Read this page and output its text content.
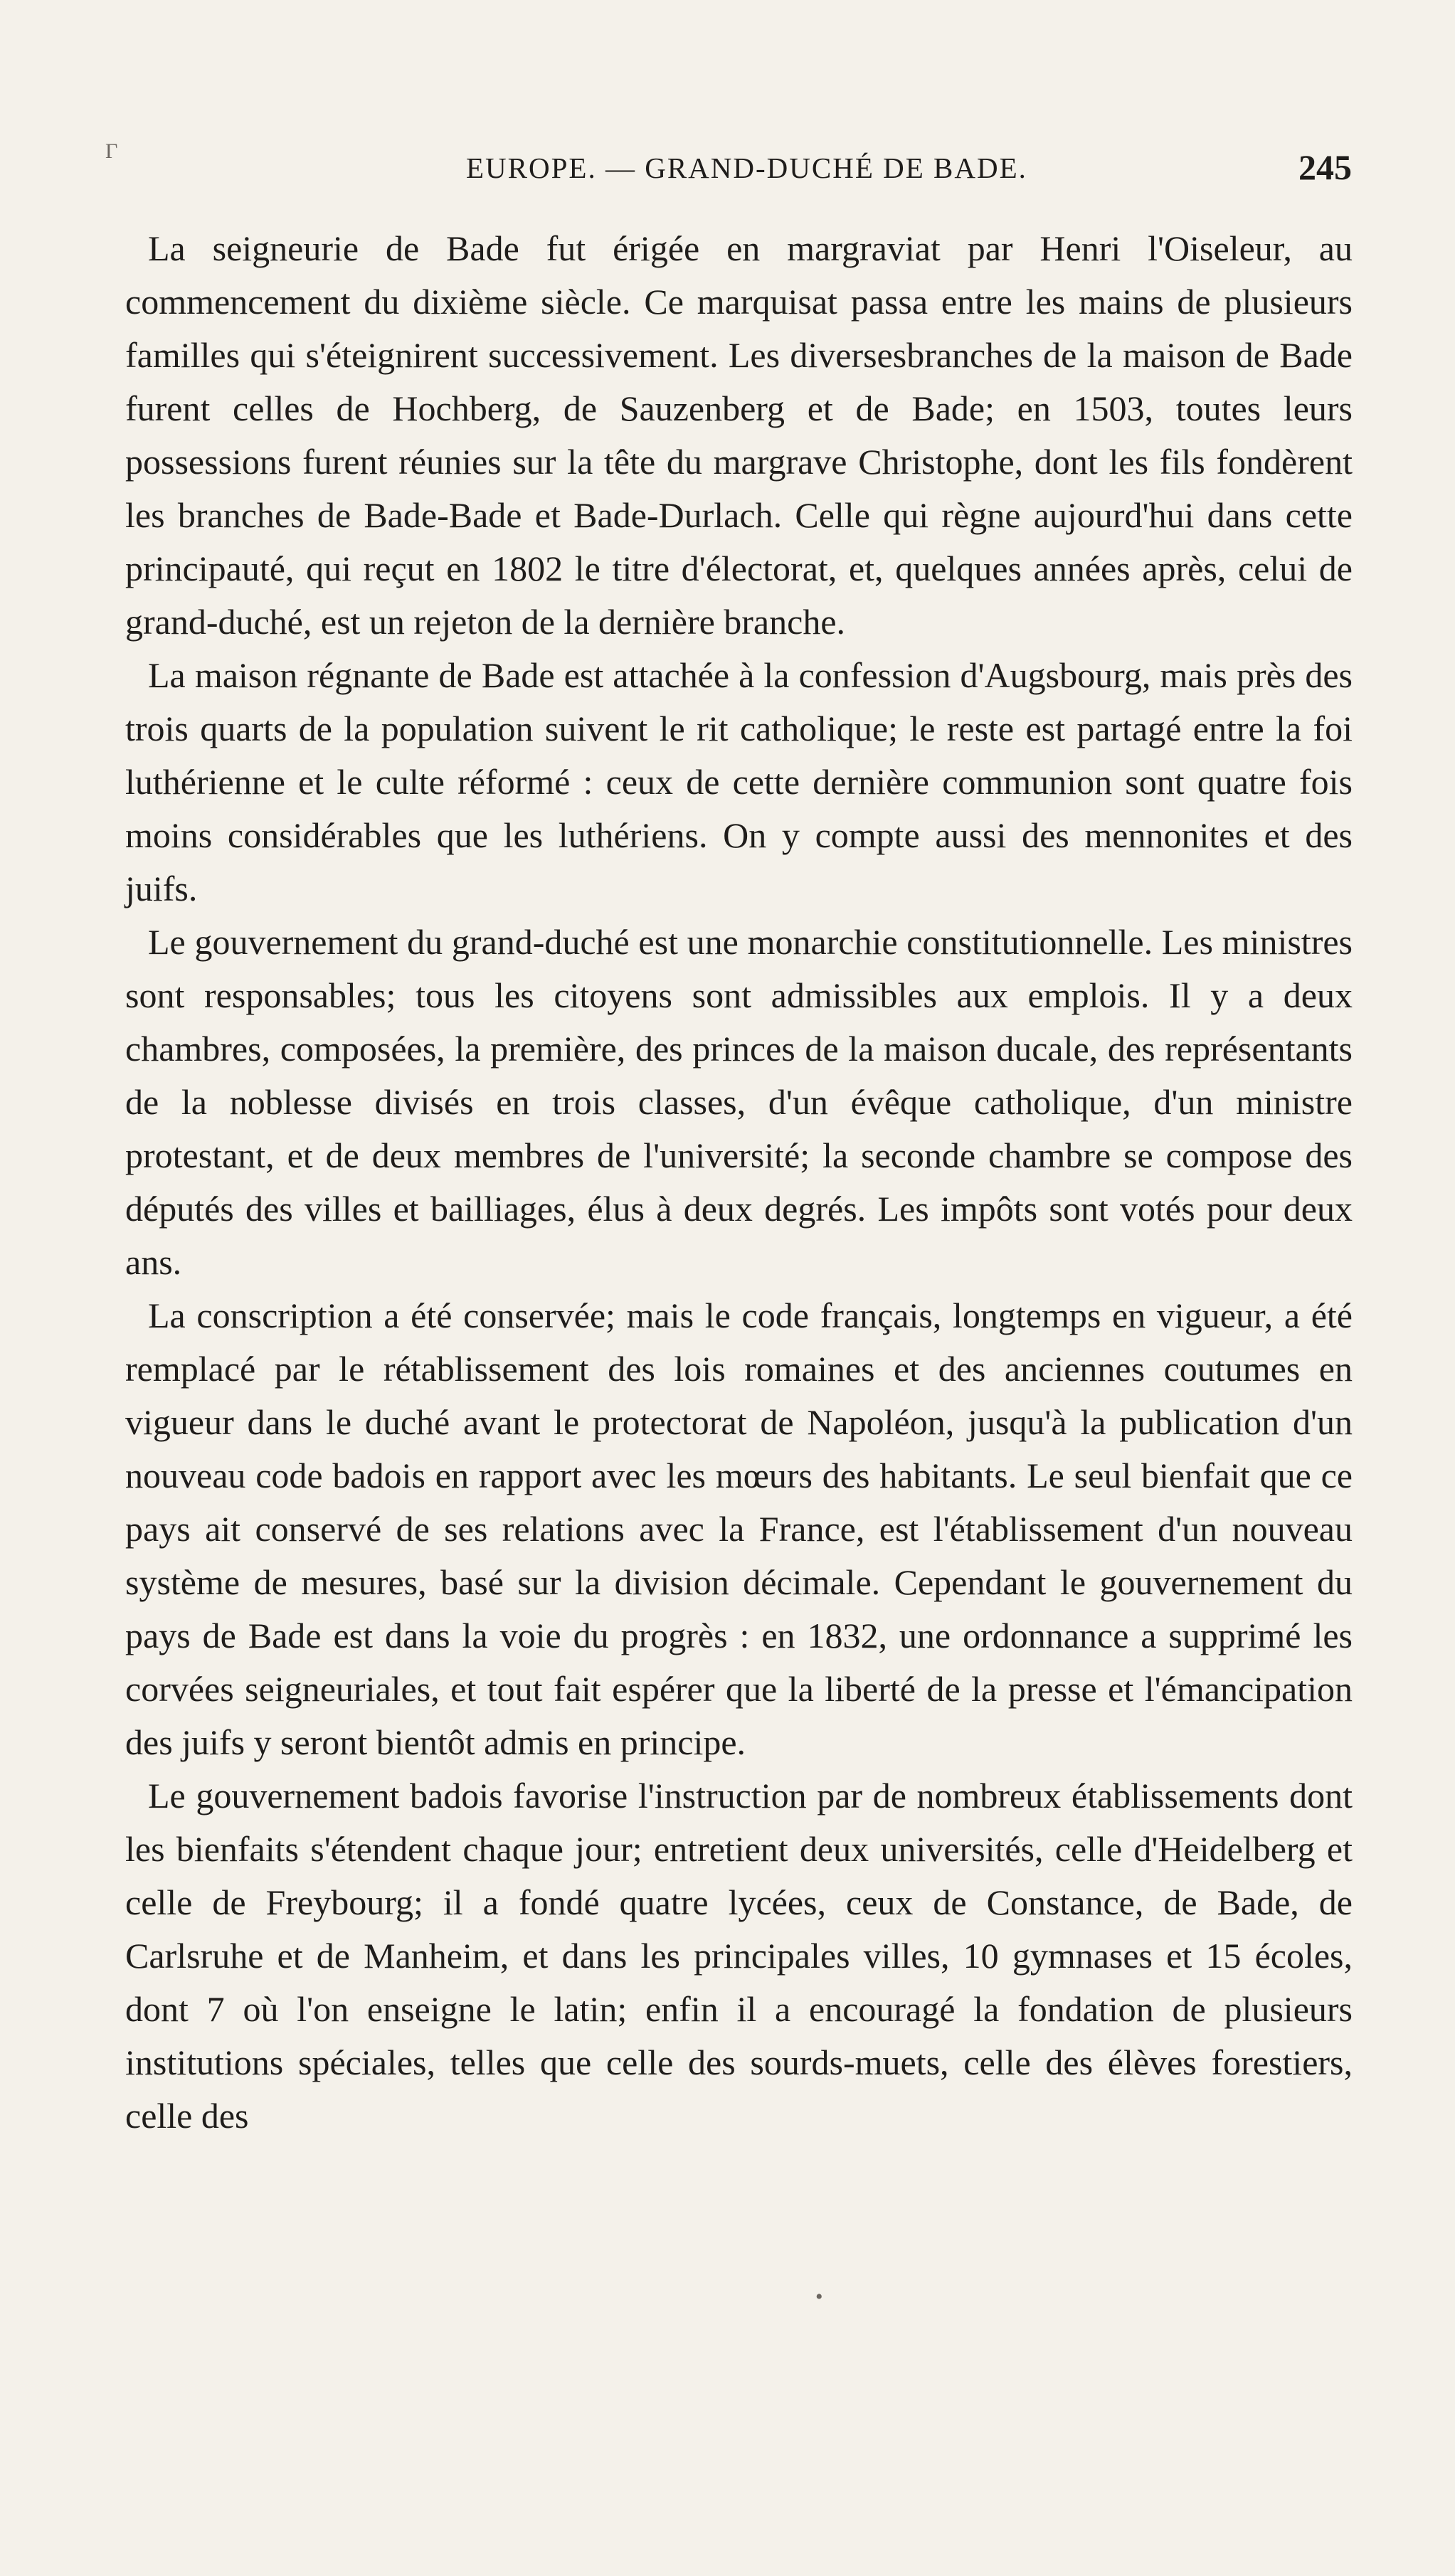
Γ
EUROPE. — GRAND-DUCHÉ DE BADE.	245

La seigneurie de Bade fut érigée en margraviat par Henri l'Oiseleur, au commencement du dixième siècle. Ce marquisat passa entre les mains de plusieurs familles qui s'éteignirent successivement. Les diversesbranches de la maison de Bade furent celles de Hochberg, de Sauzenberg et de Bade; en 1503, toutes leurs possessions furent réunies sur la tête du margrave Christophe, dont les fils fondèrent les branches de Bade-Bade et Bade-Durlach. Celle qui règne aujourd'hui dans cette principauté, qui reçut en 1802 le titre d'électorat, et, quelques années après, celui de grand-duché, est un rejeton de la dernière branche.

La maison régnante de Bade est attachée à la confession d'Augsbourg, mais près des trois quarts de la population suivent le rit catholique; le reste est partagé entre la foi luthérienne et le culte réformé : ceux de cette dernière communion sont quatre fois moins considérables que les luthériens. On y compte aussi des mennonites et des juifs.

Le gouvernement du grand-duché est une monarchie constitutionnelle. Les ministres sont responsables; tous les citoyens sont admissibles aux emplois. Il y a deux chambres, composées, la première, des princes de la maison ducale, des représentants de la noblesse divisés en trois classes, d'un évêque catholique, d'un ministre protestant, et de deux membres de l'université; la seconde chambre se compose des députés des villes et bailliages, élus à deux degrés. Les impôts sont votés pour deux ans.

La conscription a été conservée; mais le code français, longtemps en vigueur, a été remplacé par le rétablissement des lois romaines et des anciennes coutumes en vigueur dans le duché avant le protectorat de Napoléon, jusqu'à la publication d'un nouveau code badois en rapport avec les mœurs des habitants. Le seul bienfait que ce pays ait conservé de ses relations avec la France, est l'établissement d'un nouveau système de mesures, basé sur la division décimale. Cependant le gouvernement du pays de Bade est dans la voie du progrès : en 1832, une ordonnance a supprimé les corvées seigneuriales, et tout fait espérer que la liberté de la presse et l'émancipation des juifs y seront bientôt admis en principe.

Le gouvernement badois favorise l'instruction par de nombreux établissements dont les bienfaits s'étendent chaque jour; entretient deux universités, celle d'Heidelberg et celle de Freybourg; il a fondé quatre lycées, ceux de Constance, de Bade, de Carlsruhe et de Manheim, et dans les principales villes, 10 gymnases et 15 écoles, dont 7 où l'on enseigne le latin; enfin il a encouragé la fondation de plusieurs institutions spéciales, telles que celle des sourds-muets, celle des élèves forestiers, celle des

•
